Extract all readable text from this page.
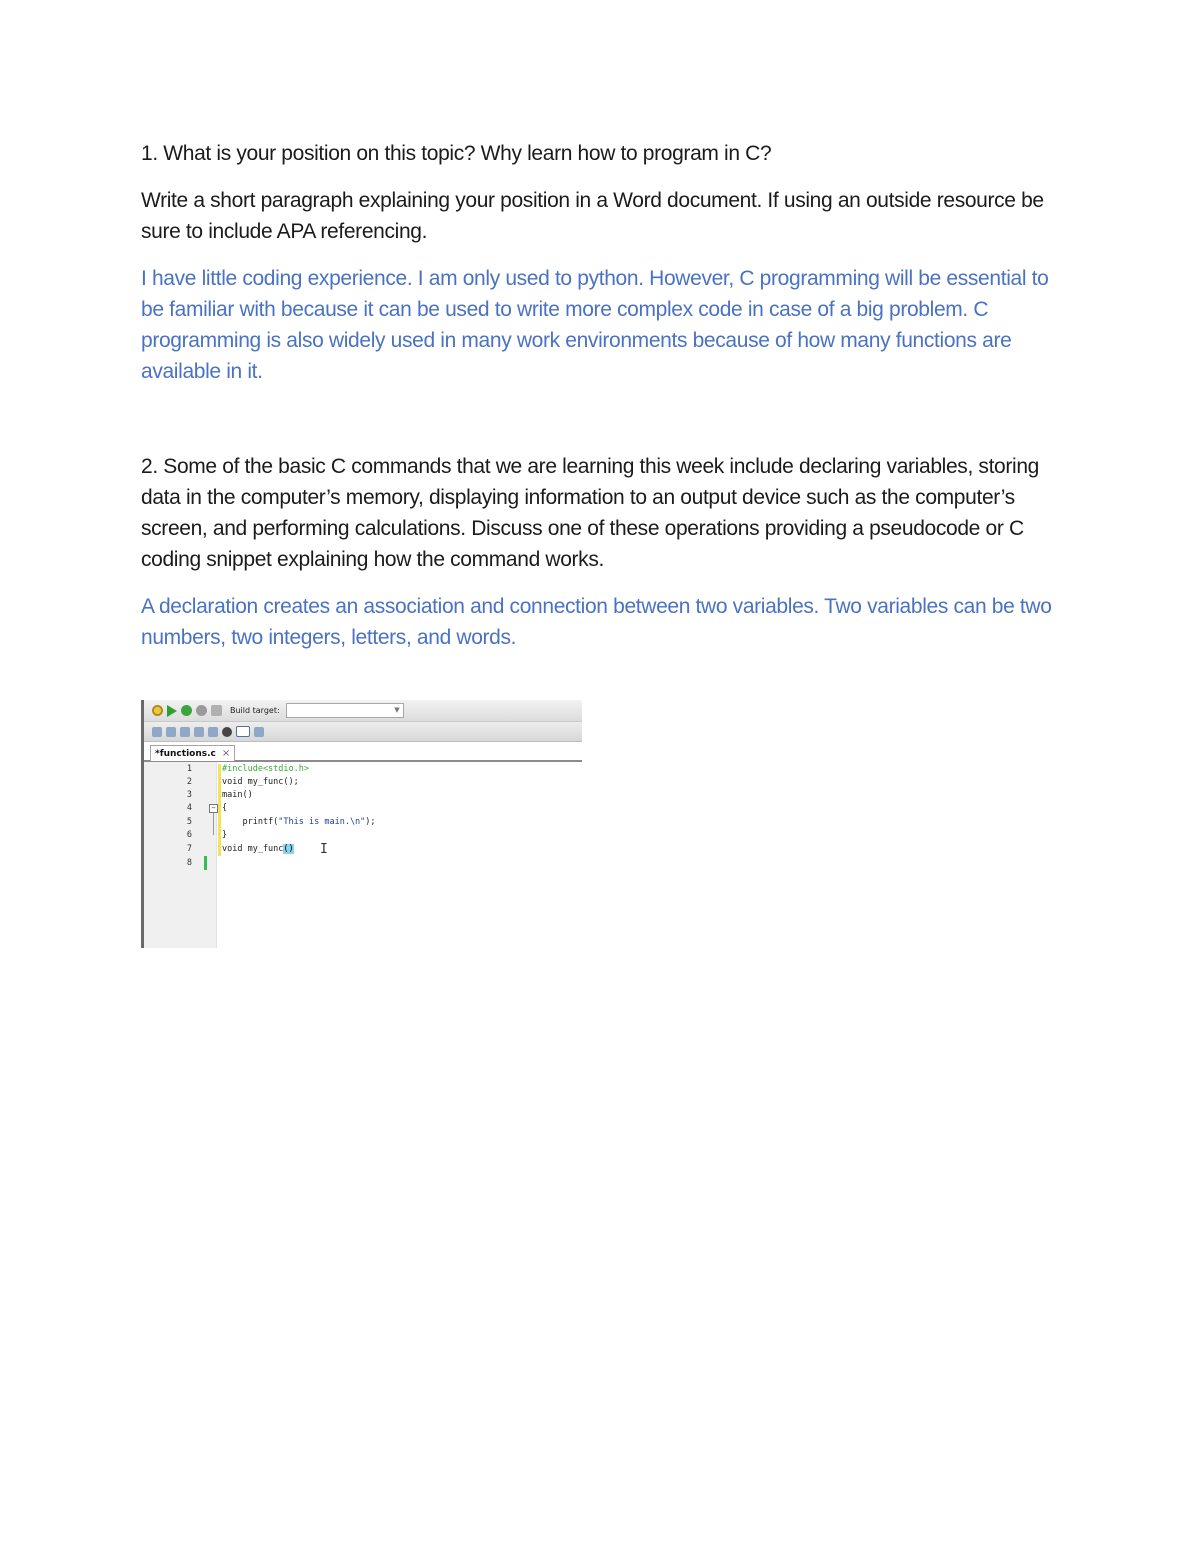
1. What is your position on this topic? Why learn how to program in C?

Write a short paragraph explaining your position in a Word document. If using an outside resource be sure to include APA referencing.

I have little coding experience. I am only used to python. However, C programming will be essential to be familiar with because it can be used to write more complex code in case of a big problem. C programming is also widely used in many work environments because of how many functions are available in it.

2. Some of the basic C commands that we are learning this week include declaring variables, storing data in the computer’s memory, displaying information to an output device such as the computer’s screen, and performing calculations. Discuss one of these operations providing a pseudocode or C coding snippet explaining how the command works.

A declaration creates an association and connection between two variables. Two variables can be two numbers, two integers, letters, and words.

Build target:	▼
*functions.c ×
1
2
3
4
5
6
7
8
−
#include<stdio.h>
void my_func();
main()
{
printf("This is main.\n");
}
void my_func() I
